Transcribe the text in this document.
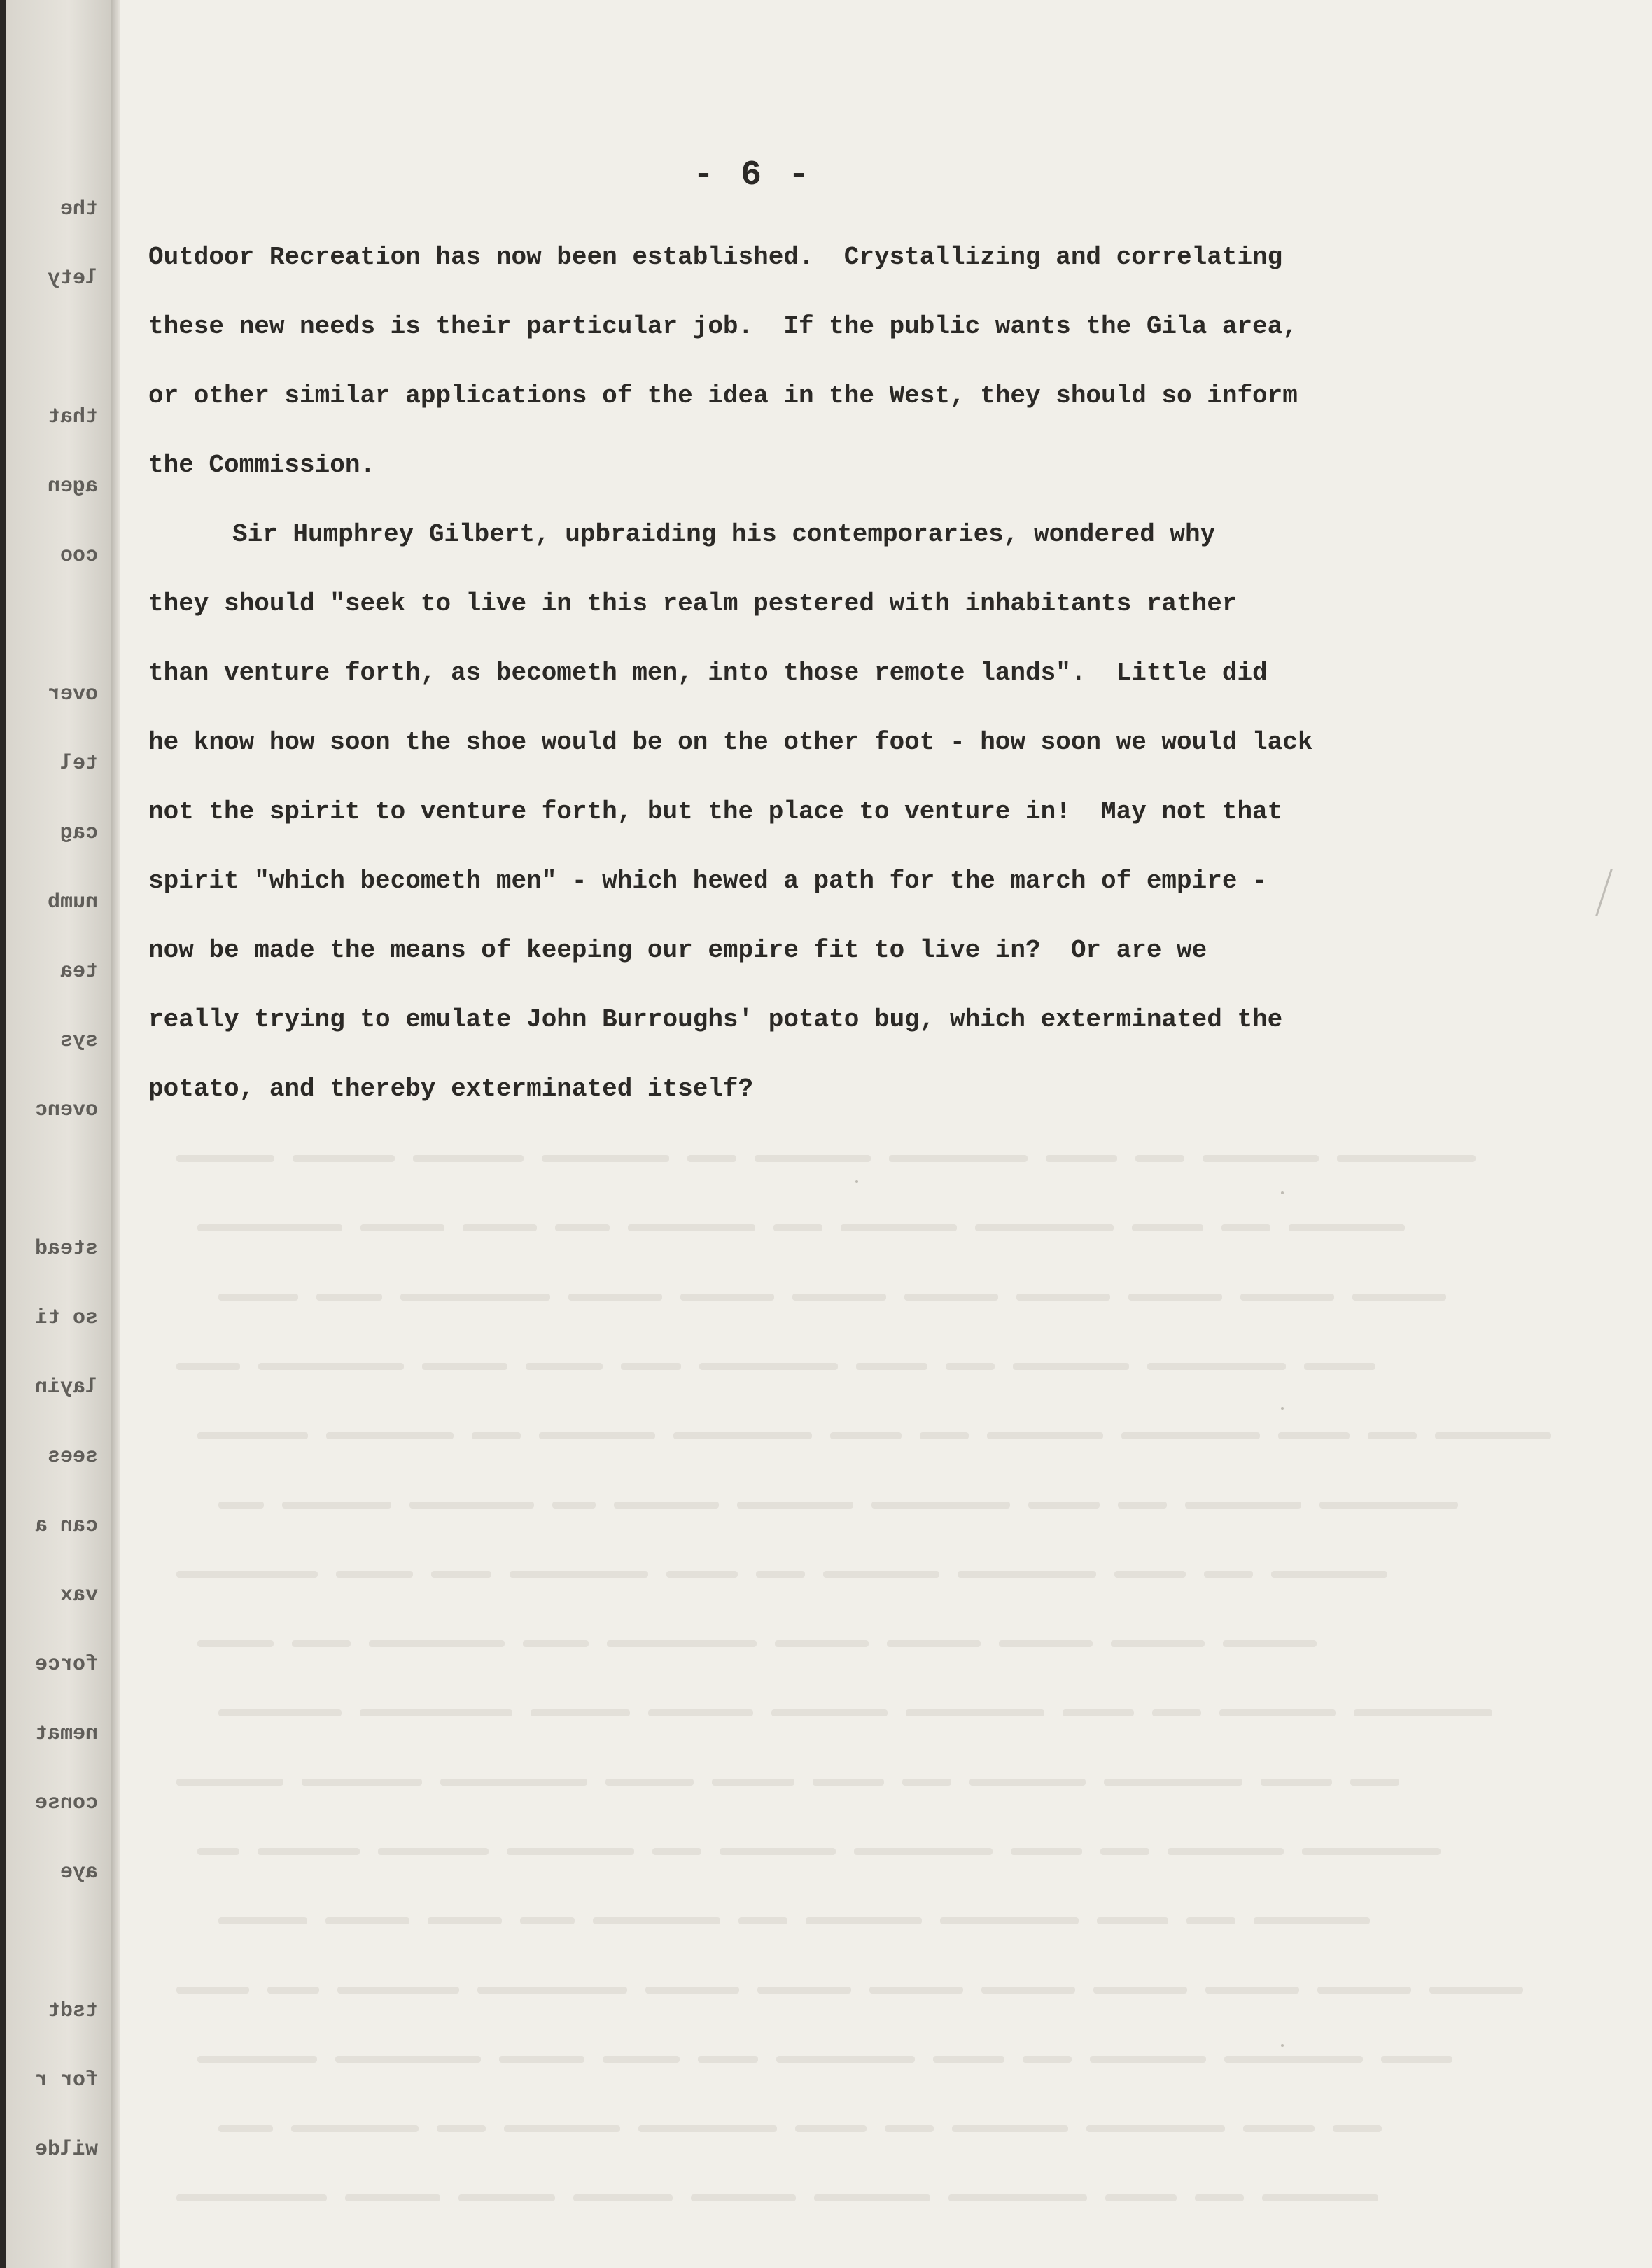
the
lety
that
agen
coo
over
tel
cag
numb
tea
sys
ovenc
stead
so ti
layin
sees
can a
vax
force
nemat
conse
aye
tsdt
for r
wilde
- 6 -
Outdoor Recreation has now been established.  Crystallizing and correlating
these new needs is their particular job.  If the public wants the Gila area,
or other similar applications of the idea in the West, they should so inform
the Commission.
Sir Humphrey Gilbert, upbraiding his contemporaries, wondered why
they should "seek to live in this realm pestered with inhabitants rather
than venture forth, as becometh men, into those remote lands".  Little did
he know how soon the shoe would be on the other foot - how soon we would lack
not the spirit to venture forth, but the place to venture in!  May not that
spirit "which becometh men" - which hewed a path for the march of empire -
now be made the means of keeping our empire fit to live in?  Or are we
really trying to emulate John Burroughs' potato bug, which exterminated the
potato, and thereby exterminated itself?
